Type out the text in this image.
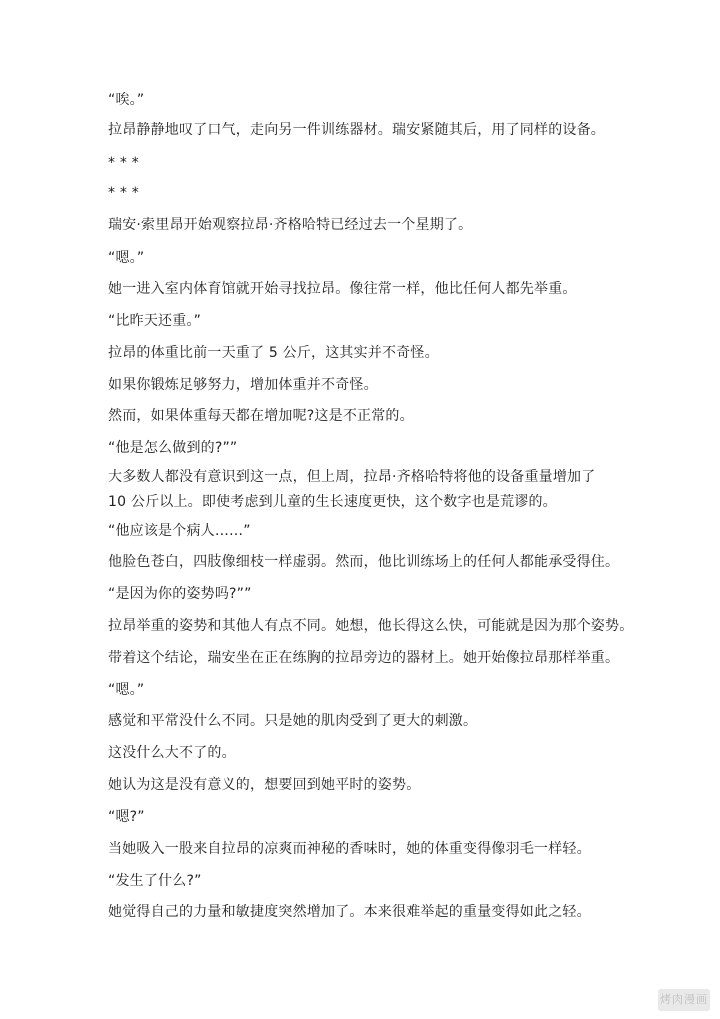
“唉。”
拉昂静静地叹了口气，走向另一件训练器材。瑞安紧随其后，用了同样的设备。
* * *
* * *
瑞安·索里昂开始观察拉昂·齐格哈特已经过去一个星期了。
“嗯。”
她一进入室内体育馆就开始寻找拉昂。像往常一样，他比任何人都先举重。
“比昨天还重。”
拉昂的体重比前一天重了 5 公斤，这其实并不奇怪。
如果你锻炼足够努力，增加体重并不奇怪。
然而，如果体重每天都在增加呢?这是不正常的。
“他是怎么做到的?””
大多数人都没有意识到这一点，但上周，拉昂·齐格哈特将他的设备重量增加了 10 公斤以上。即使考虑到儿童的生长速度更快，这个数字也是荒谬的。
“他应该是个病人……”
他脸色苍白，四肢像细枝一样虚弱。然而，他比训练场上的任何人都能承受得住。
“是因为你的姿势吗?””
拉昂举重的姿势和其他人有点不同。她想，他长得这么快，可能就是因为那个姿势。
带着这个结论，瑞安坐在正在练胸的拉昂旁边的器材上。她开始像拉昂那样举重。
“嗯。”
感觉和平常没什么不同。只是她的肌肉受到了更大的刺激。
这没什么大不了的。
她认为这是没有意义的，想要回到她平时的姿势。
“嗯?”
当她吸入一股来自拉昂的凉爽而神秘的香味时，她的体重变得像羽毛一样轻。
“发生了什么?”
她觉得自己的力量和敏捷度突然增加了。本来很难举起的重量变得如此之轻。
烤肉漫画
